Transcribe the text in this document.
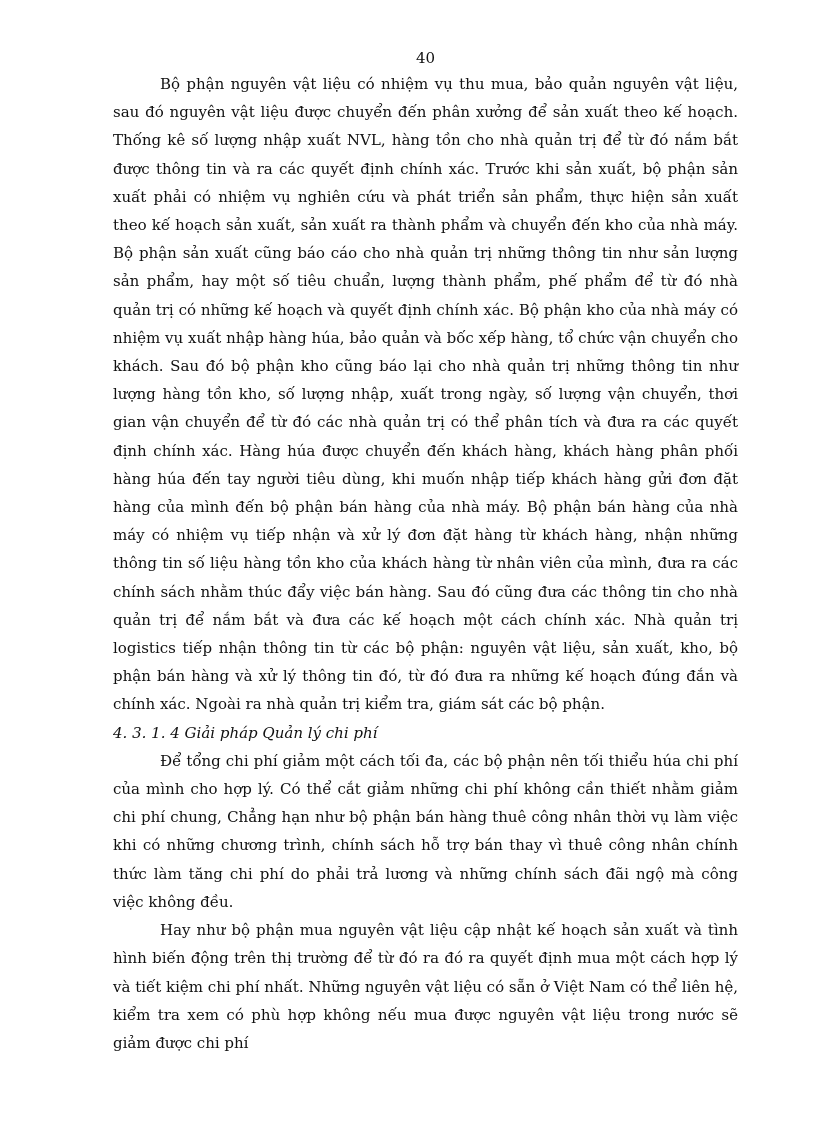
40

Bộ phận nguyên vật liệu có nhiệm vụ thu mua, bảo quản nguyên vật liệu, sau đó nguyên vật liệu được chuyển đến phân xưởng để sản xuất theo kế hoạch. Thống kê số lượng nhập xuất NVL, hàng tồn cho nhà quản trị để từ đó nắm bắt được thông tin và ra các quyết định chính xác. Trước khi sản xuất, bộ phận sản xuất phải có nhiệm vụ nghiên cứu và phát triển sản phẩm, thực hiện sản xuất theo kế hoạch sản xuất, sản xuất ra thành phẩm và chuyển đến kho của nhà máy. Bộ phận sản xuất cũng báo cáo cho nhà quản trị những thông tin như sản lượng sản phẩm, hay một số tiêu chuẩn, lượng thành phẩm, phế phẩm để từ đó nhà quản trị có những kế hoạch và quyết định chính xác. Bộ phận kho của nhà máy có nhiệm vụ xuất nhập hàng húa, bảo quản và bốc xếp hàng, tổ chức vận chuyển cho khách. Sau đó bộ phận kho cũng báo lại cho nhà quản trị những thông tin như lượng hàng tồn kho, số lượng nhập, xuất trong ngày, số lượng vận chuyển, thơi gian vận chuyển để từ đó các nhà quản trị có thể phân tích và đưa ra các quyết định chính xác. Hàng húa được chuyển đến khách hàng, khách hàng phân phối hàng húa đến tay người tiêu dùng, khi muốn nhập tiếp khách hàng gửi đơn đặt hàng của mình đến bộ phận bán hàng của nhà máy. Bộ phận bán hàng của nhà máy có nhiệm vụ tiếp nhận và xử lý đơn đặt hàng từ khách hàng, nhận những thông tin số liệu hàng tồn kho của khách hàng từ nhân viên của mình, đưa ra các chính sách nhằm thúc đẩy việc bán hàng. Sau đó cũng đưa các thông tin cho nhà quản trị để nắm bắt và đưa các kế hoạch một cách chính xác. Nhà quản trị logistics tiếp nhận thông tin từ các bộ phận: nguyên vật liệu, sản xuất, kho, bộ phận bán hàng và xử lý thông tin đó, từ đó đưa ra những kế hoạch đúng đắn và chính xác. Ngoài ra nhà quản trị kiểm tra, giám sát các bộ phận.

4. 3. 1. 4 Giải pháp Quản lý chi phí

Để tổng chi phí giảm một cách tối đa, các bộ phận nên tối thiểu húa chi phí của mình cho hợp lý. Có thể cắt giảm những chi phí không cần thiết nhằm giảm chi phí chung, Chẳng hạn như bộ phận bán hàng thuê công nhân thời vụ làm việc khi có những chương trình, chính sách hỗ trợ bán thay vì thuê công nhân chính thức làm tăng chi phí do phải trả lương và những chính sách đãi ngộ mà công việc không đều.

Hay như bộ phận mua nguyên vật liệu cập nhật kế hoạch sản xuất và tình hình biến động trên thị trường để từ đó ra đó ra quyết định mua một cách hợp lý và tiết kiệm chi phí nhất. Những nguyên vật liệu có sẵn ở Việt Nam có thể liên hệ, kiểm tra xem có phù hợp không nếu mua được nguyên vật liệu trong nước sẽ giảm được chi phí
